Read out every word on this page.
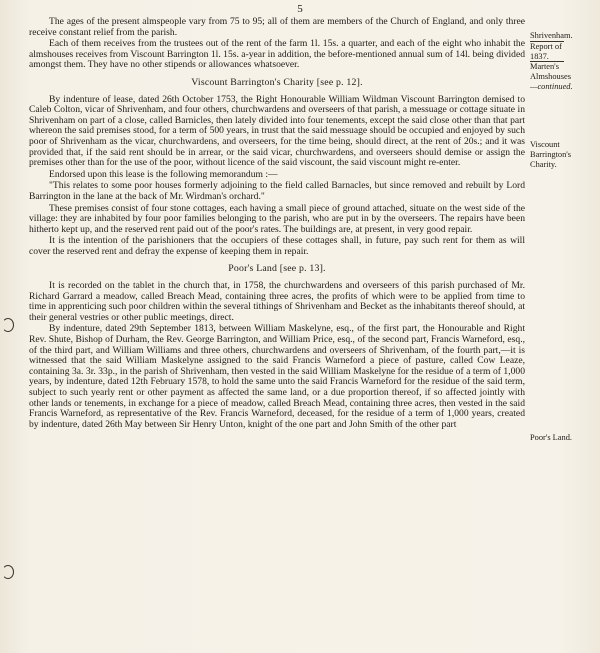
5
Shrivenham.
Report of 1837.
Marten's
Almshouses
—continued.
Viscount Barrington's Charity.
Poor's Land.

The ages of the present almspeople vary from 75 to 95; all of them are members of the Church of England, and only three receive constant relief from the parish.

Each of them receives from the trustees out of the rent of the farm 1l. 15s. a quarter, and each of the eight who inhabit the almshouses receives from Viscount Barrington 1l. 15s. a-year in addition, the before-mentioned annual sum of 14l. being divided amongst them. They have no other stipends or allowances whatsoever.

Viscount Barrington's Charity [see p. 12].

By indenture of lease, dated 26th October 1753, the Right Honourable William Wildman Viscount Barrington demised to Caleb Colton, vicar of Shrivenham, and four others, churchwardens and overseers of that parish, a messuage or cottage situate in Shrivenham on part of a close, called Barnicles, then lately divided into four tenements, except the said close other than that part whereon the said premises stood, for a term of 500 years, in trust that the said messuage should be occupied and enjoyed by such poor of Shrivenham as the vicar, churchwardens, and overseers, for the time being, should direct, at the rent of 20s.; and it was provided that, if the said rent should be in arrear, or the said vicar, churchwardens, and overseers should demise or assign the premises other than for the use of the poor, without licence of the said viscount, the said viscount might re-enter.

Endorsed upon this lease is the following memorandum :—

"This relates to some poor houses formerly adjoining to the field called Barnacles, but since removed and rebuilt by Lord Barrington in the lane at the back of Mr. Wirdman's orchard."

These premises consist of four stone cottages, each having a small piece of ground attached, situate on the west side of the village: they are inhabited by four poor families belonging to the parish, who are put in by the overseers. The repairs have been hitherto kept up, and the reserved rent paid out of the poor's rates. The buildings are, at present, in very good repair.

It is the intention of the parishioners that the occupiers of these cottages shall, in future, pay such rent for them as will cover the reserved rent and defray the expense of keeping them in repair.

Poor's Land [see p. 13].

It is recorded on the tablet in the church that, in 1758, the churchwardens and overseers of this parish purchased of Mr. Richard Garrard a meadow, called Breach Mead, containing three acres, the profits of which were to be applied from time to time in apprenticing such poor children within the several tithings of Shrivenham and Becket as the inhabitants thereof should, at their general vestries or other public meetings, direct.

By indenture, dated 29th September 1813, between William Maskelyne, esq., of the first part, the Honourable and Right Rev. Shute, Bishop of Durham, the Rev. George Barrington, and William Price, esq., of the second part, Francis Warneford, esq., of the third part, and William Williams and three others, churchwardens and overseers of Shrivenham, of the fourth part,—it is witnessed that the said William Maskelyne assigned to the said Francis Warneford a piece of pasture, called Cow Leaze, containing 3a. 3r. 33p., in the parish of Shrivenham, then vested in the said William Maskelyne for the residue of a term of 1,000 years, by indenture, dated 12th February 1578, to hold the same unto the said Francis Warneford for the residue of the said term, subject to such yearly rent or other payment as affected the same land, or a due proportion thereof, if so affected jointly with other lands or tenements, in exchange for a piece of meadow, called Breach Mead, containing three acres, then vested in the said Francis Warneford, as representative of the Rev. Francis Warneford, deceased, for the residue of a term of 1,000 years, created by indenture, dated 26th May between Sir Henry Unton, knight of the one part and John Smith of the other part
